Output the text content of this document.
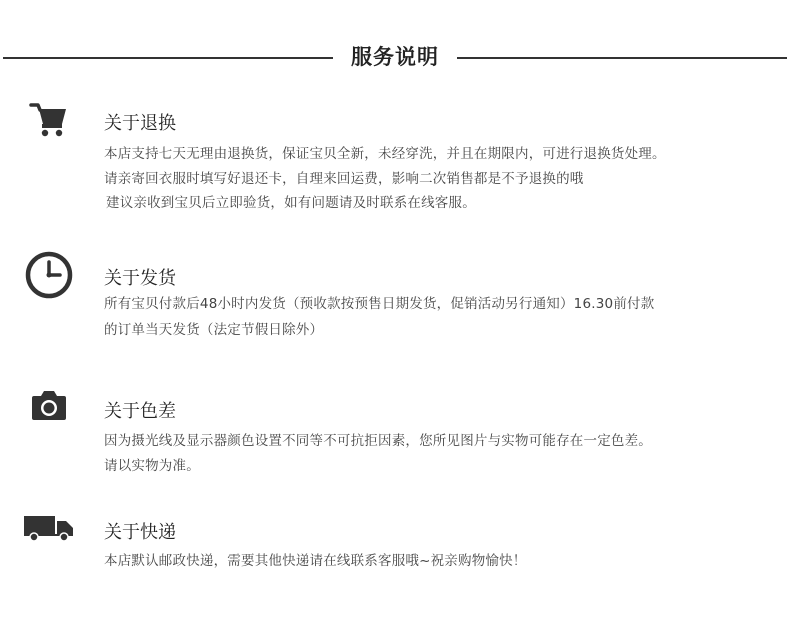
服务说明
关于退换
本店支持七天无理由退换货，保证宝贝全新，未经穿洗，并且在期限内，可进行退换货处理。
请亲寄回衣服时填写好退还卡，自理来回运费，影响二次销售都是不予退换的哦
建议亲收到宝贝后立即验货，如有问题请及时联系在线客服。
关于发货
所有宝贝付款后48小时内发货（预收款按预售日期发货，促销活动另行通知）16.30前付款
的订单当天发货（法定节假日除外）
关于色差
因为摄光线及显示器颜色设置不同等不可抗拒因素，您所见图片与实物可能存在一定色差。
请以实物为准。
关于快递
本店默认邮政快递，需要其他快递请在线联系客服哦~祝亲购物愉快！
